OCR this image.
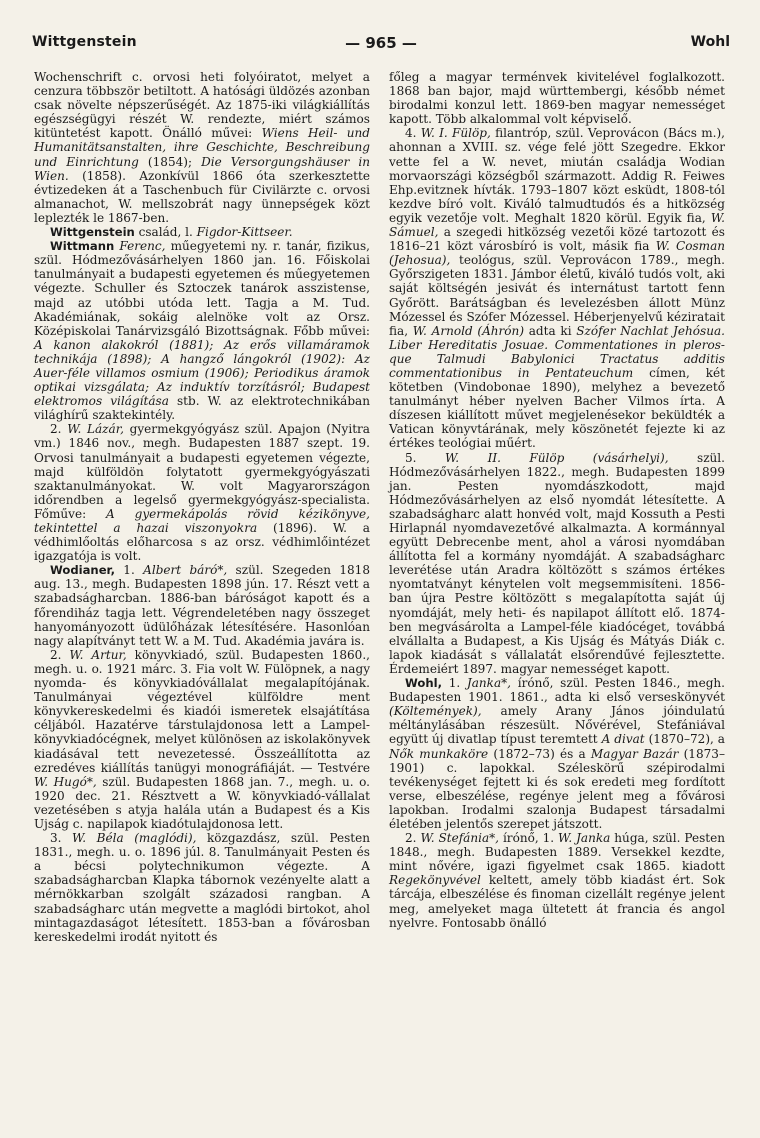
Wittgenstein	— 965 —	Wohl

Wochenschrift c. orvosi heti folyóiratot, melyet a cenzura többször betiltott. A hatósági üldözés azonban csak növelte népszerűségét. Az 1875-iki világkiállítás egészségügyi részét W. rendezte, miért számos kitüntetést kapott. Önálló művei: Wiens Heil- und Humanitätsanstalten, ihre Geschichte, Beschreibung und Einrichtung (1854); Die Versorgungshäuser in Wien. (1858). Azonkívül 1866 óta szerkesztette évtizedeken át a Taschenbuch für Civilärzte c. orvosi almanachot, W. mellszobrát nagy ünnepségek közt leplezték le 1867-ben.

Wittgenstein család, l. Figdor-Kittseer.

Wittmann Ferenc, műegyetemi ny. r. tanár, fizikus, szül. Hódmezővásárhelyen 1860 jan. 16. Főiskolai tanulmányait a budapesti egyetemen és műegyetemen végezte. Schuller és Sztoczek tanárok asszistense, majd az utóbbi utóda lett. Tagja a M. Tud. Akadémiának, sokáig alelnöke volt az Orsz. Középiskolai Tanárvizsgáló Bizottságnak. Főbb művei: A kanon alakokról (1881); Az erős villamáramok technikája (1898); A hangző lángokról (1902): Az Auer-féle villamos osmium (1906); Periodikus áramok optikai vizsgálata; Az induktív torzításról; Budapest elektromos világítása stb. W. az elektrotechnikában világhírű szaktekintély.

2. W. Lázár, gyermekgyógyász szül. Apajon (Nyitra vm.) 1846 nov., megh. Budapesten 1887 szept. 19. Orvosi tanulmányait a budapesti egyetemen végezte, majd külföldön folytatott gyermekgyógyászati szaktanulmányokat. W. volt Magyarországon időrendben a legelső gyermekgyógyász-specialista. Főműve: A gyermekápolás rövid kézikönyve, tekintettel a hazai viszonyokra (1896). W. a védhimlőoltás előharcosa s az orsz. védhimlőintézet igazgatója is volt.

Wodianer, 1. Albert báró*, szül. Szegeden 1818 aug. 13., megh. Budapesten 1898 jún. 17. Részt vett a szabadságharcban. 1886-ban báróságot kapott és a főrendiház tagja lett. Végrendeletében nagy összeget hanyományozott üdülőházak létesítésére. Hasonlóan nagy alapítványt tett W. a M. Tud. Akadémia javára is.

2. W. Artur, könyvkiadó, szül. Budapesten 1860., megh. u. o. 1921 márc. 3. Fia volt W. Fülöpnek, a nagy nyomda- és könyvkiadóvállalat megalapítójának. Tanulmányai végeztével külföldre ment könyvkereskedelmi és kiadói ismeretek elsajátítása céljából. Hazatérve társtulajdonosa lett a Lampel-könyvkiadócégnek, melyet különösen az iskolakönyvek kiadásával tett nevezetessé. Összeállította az ezredéves kiállítás tanügyi monográfiáját. — Testvére W. Hugó*, szül. Budapesten 1868 jan. 7., megh. u. o. 1920 dec. 21. Résztvett a W. könyvkiadó-vállalat vezetésében s atyja halála után a Budapest és a Kis Ujság c. napilapok kiadótulajdonosa lett.

3. W. Béla (maglódi), közgazdász, szül. Pesten 1831., megh. u. o. 1896 júl. 8. Tanulmányait Pesten és a bécsi polytechnikumon végezte. A szabadságharcban Klapka tábornok vezényelte alatt a mérnökkarban szolgált századosi rangban. A szabadságharc után megvette a maglódi birtokot, ahol mintagazdaságot létesített. 1853-ban a fővárosban kereskedelmi irodát nyitott és

főleg a magyar terménvek kivitelével foglalkozott. 1868 ban bajor, majd württembergi, később német birodalmi konzul lett. 1869-ben magyar nemességet kapott. Több alkalommal volt képviselő.

4. W. I. Fülöp, filantróp, szül. Veprovácon (Bács m.), ahonnan a XVIII. sz. vége felé jött Szegedre. Ekkor vette fel a W. nevet, miután családja Wodian morvaországi községből származott. Addig R. Feiwes Ehp.evitznek hívták. 1793–1807 közt esküdt, 1808-tól kezdve bíró volt. Kiváló talmudtudós és a hitközség egyik vezetője volt. Meghalt 1820 körül. Egyik fia, W. Sámuel, a szegedi hitközség vezetői közé tartozott és 1816–21 közt városbíró is volt, másik fia W. Cosman (Jehosua), teológus, szül. Veprovácon 1789., megh. Győrszigeten 1831. Jámbor életű, kiváló tudós volt, aki saját költségén jesivát és internátust tartott fenn Győrött. Barátságban és levelezésben állott Münz Mózessel és Szófer Mózessel. Héberjenyelvű kéziratait fia, W. Arnold (Áhrón) adta ki Szófer Nachlat Jehósua. Liber Hereditatis Josuae. Commentationes in pleros-que Talmudi Babylonici Tractatus additis commentationibus in Pentateuchum címen, két kötetben (Vindobonae 1890), melyhez a bevezető tanulmányt héber nyelven Bacher Vilmos írta. A díszesen kiállított művet megjelenésekor beküldték a Vatican könyvtárának, mely köszönetét fejezte ki az értékes teológiai műért.

5. W. II. Fülöp (vásárhelyi), szül. Hódmezővásárhelyen 1822., megh. Budapesten 1899 jan. Pesten nyomdászkodott, majd Hódmezővásárhelyen az első nyomdát létesítette. A szabadságharc alatt honvéd volt, majd Kossuth a Pesti Hirlapnál nyomdavezetővé alkalmazta. A kormánnyal együtt Debrecenbe ment, ahol a városi nyomdában állította fel a kormány nyomdáját. A szabadságharc leverétése után Aradra költözött s számos értékes nyomtatványt kénytelen volt megsemmisíteni. 1856-ban újra Pestre költözött s megalapította saját új nyomdáját, mely heti- és napilapot állított elő. 1874-ben megvásárolta a Lampel-féle kiadócéget, továbbá elvállalta a Budapest, a Kis Ujság és Mátyás Diák c. lapok kiadását s vállalatát elsőrendűvé fejlesztette. Érdemeiért 1897. magyar nemességet kapott.

Wohl, 1. Janka*, írónő, szül. Pesten 1846., megh. Budapesten 1901. 1861., adta ki első verseskönyvét (Költemények), amely Arany János jóindulatú méltánylásában részesült. Nővérével, Stefániával együtt új divatlap típust teremtett A divat (1870–72), a Nők munkaköre (1872–73) és a Magyar Bazár (1873–1901) c. lapokkal. Széleskörű szépirodalmi tevékenységet fejtett ki és sok eredeti meg fordított verse, elbeszélése, regénye jelent meg a fővárosi lapokban. Irodalmi szalonja Budapest társadalmi életében jelentős szerepet játszott.

2. W. Stefánia*, írónő, 1. W. Janka húga, szül. Pesten 1848., megh. Budapesten 1889. Versekkel kezdte, mint nővére, igazi figyelmet csak 1865. kiadott Regekönyvével keltett, amely több kiadást ért. Sok tárcája, elbeszélése és finoman cizellált regénye jelent meg, amelyeket maga ültetett át francia és angol nyelvre. Fontosabb önálló
